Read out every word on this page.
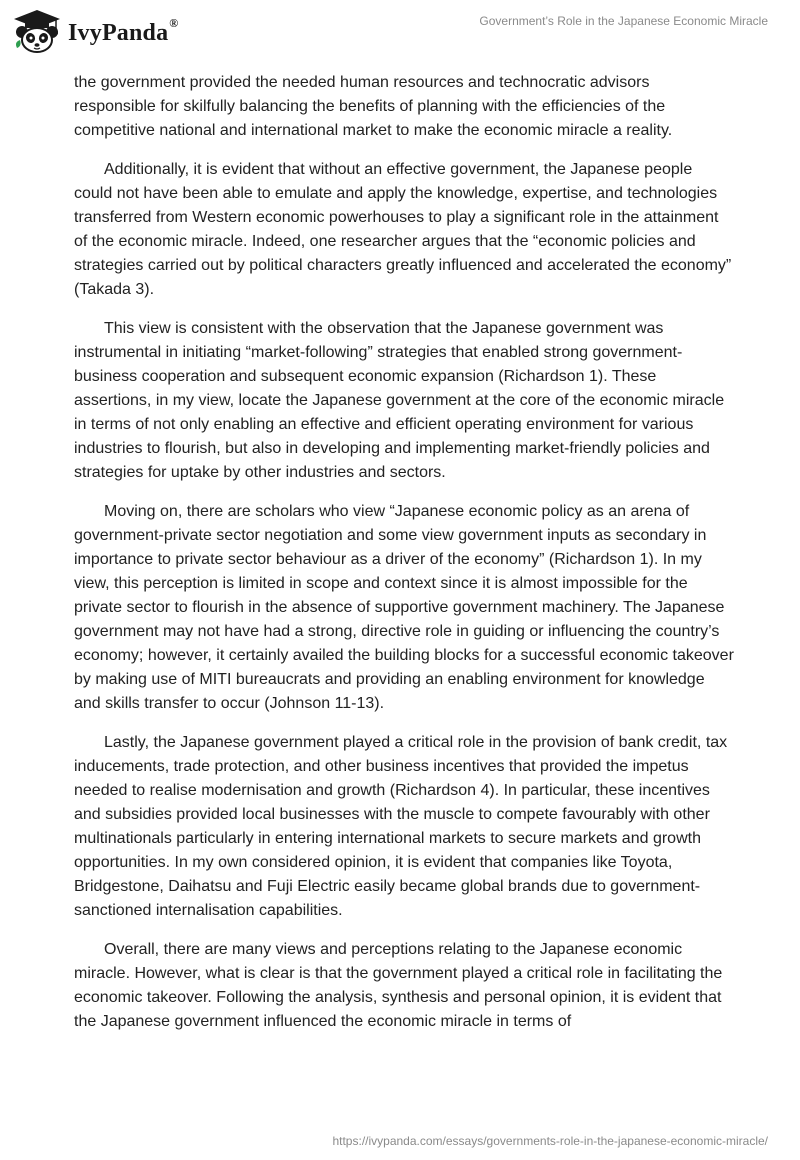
IvyPanda®	Government’s Role in the Japanese Economic Miracle

the government provided the needed human resources and technocratic advisors responsible for skilfully balancing the benefits of planning with the efficiencies of the competitive national and international market to make the economic miracle a reality.

Additionally, it is evident that without an effective government, the Japanese people could not have been able to emulate and apply the knowledge, expertise, and technologies transferred from Western economic powerhouses to play a significant role in the attainment of the economic miracle. Indeed, one researcher argues that the “economic policies and strategies carried out by political characters greatly influenced and accelerated the economy” (Takada 3).

This view is consistent with the observation that the Japanese government was instrumental in initiating “market-following” strategies that enabled strong government-business cooperation and subsequent economic expansion (Richardson 1). These assertions, in my view, locate the Japanese government at the core of the economic miracle in terms of not only enabling an effective and efficient operating environment for various industries to flourish, but also in developing and implementing market-friendly policies and strategies for uptake by other industries and sectors.

Moving on, there are scholars who view “Japanese economic policy as an arena of government-private sector negotiation and some view government inputs as secondary in importance to private sector behaviour as a driver of the economy” (Richardson 1). In my view, this perception is limited in scope and context since it is almost impossible for the private sector to flourish in the absence of supportive government machinery. The Japanese government may not have had a strong, directive role in guiding or influencing the country’s economy; however, it certainly availed the building blocks for a successful economic takeover by making use of MITI bureaucrats and providing an enabling environment for knowledge and skills transfer to occur (Johnson 11-13).

Lastly, the Japanese government played a critical role in the provision of bank credit, tax inducements, trade protection, and other business incentives that provided the impetus needed to realise modernisation and growth (Richardson 4). In particular, these incentives and subsidies provided local businesses with the muscle to compete favourably with other multinationals particularly in entering international markets to secure markets and growth opportunities. In my own considered opinion, it is evident that companies like Toyota, Bridgestone, Daihatsu and Fuji Electric easily became global brands due to government-sanctioned internalisation capabilities.

Overall, there are many views and perceptions relating to the Japanese economic miracle. However, what is clear is that the government played a critical role in facilitating the economic takeover. Following the analysis, synthesis and personal opinion, it is evident that the Japanese government influenced the economic miracle in terms of

https://ivypanda.com/essays/governments-role-in-the-japanese-economic-miracle/
